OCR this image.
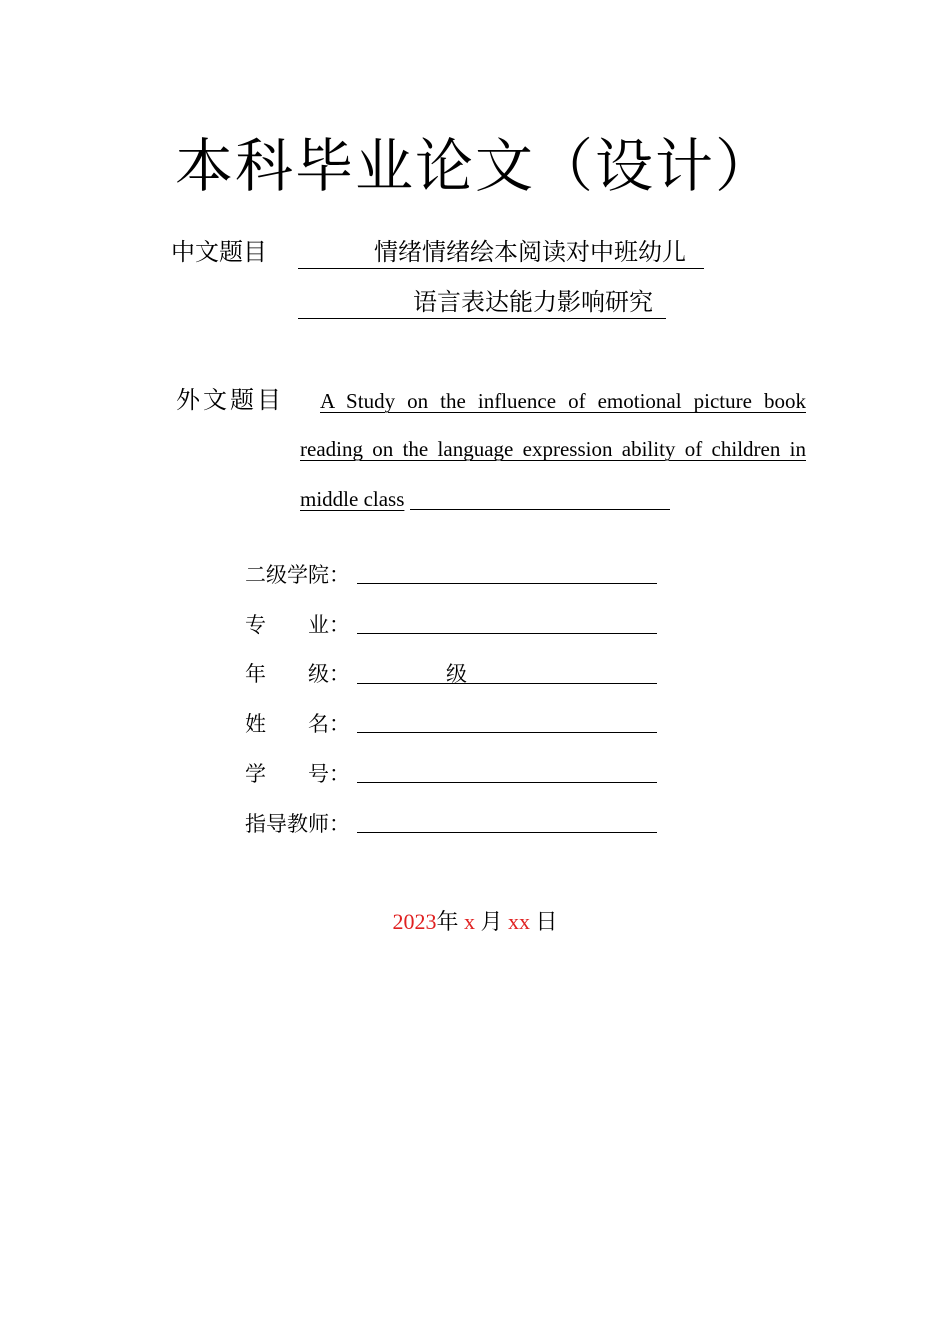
本科毕业论文（设计）
中文题目	情绪情绪绘本阅读对中班幼儿
语言表达能力影响研究
外文题目	A Study on the influence of emotional picture book
reading on the language expression ability of children in
middle class
二级学院：
专　　业：
年　　级：	级
姓　　名：
学　　号：
指导教师：
2023年 x 月 xx 日
